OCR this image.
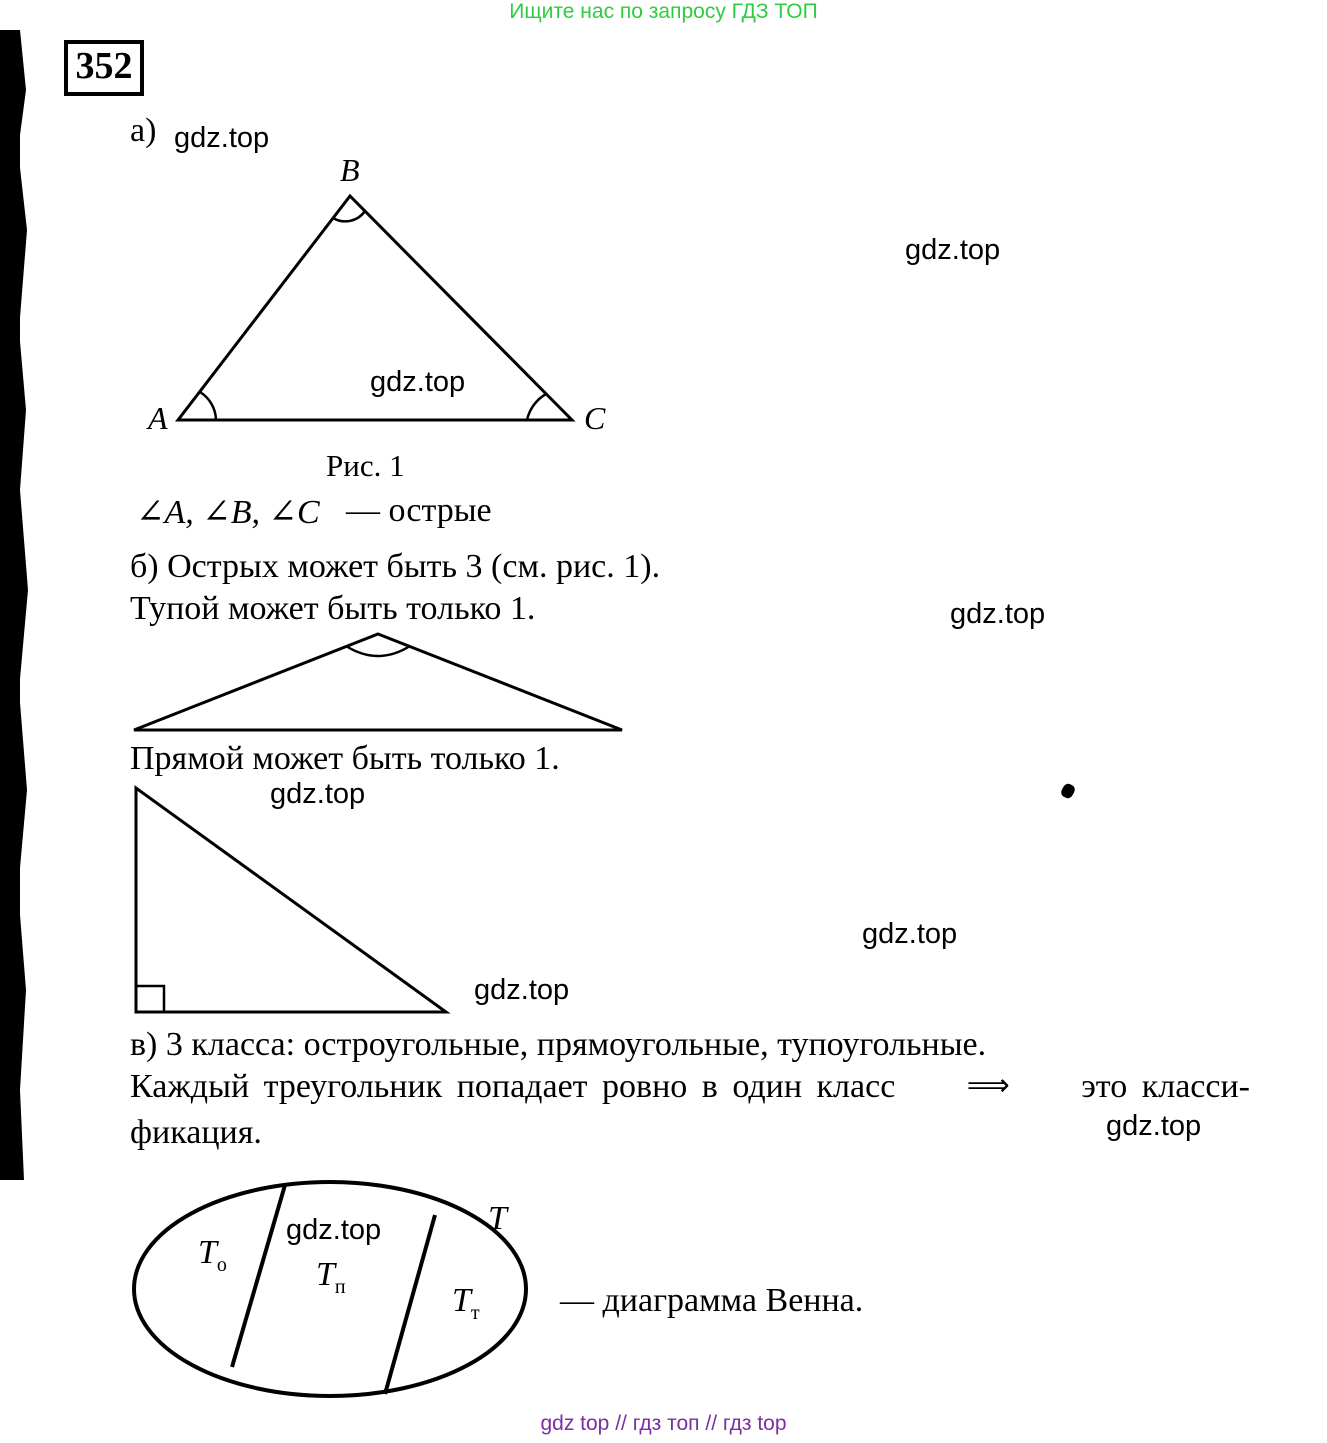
Ищите нас по запросу ГДЗ ТОП
352
а) gdz.top
gdz.top
B
A	C
gdz.top
Рис. 1
∠A, ∠B, ∠C — острые
б) Острых может быть 3 (см. рис. 1).
Тупой может быть только 1.	gdz.top
Прямой может быть только 1.
gdz.top
gdz.top
gdz.top
в) 3 класса: остроугольные, прямоугольные, тупоугольные.
Каждый треугольник попадает ровно в один класс ⟹ это класси-
фикация.	gdz.top
gdz.top	T
$T_о$	$T_п$	$T_т$ — диаграмма Венна.
gdz top // гдз топ // гдз top
